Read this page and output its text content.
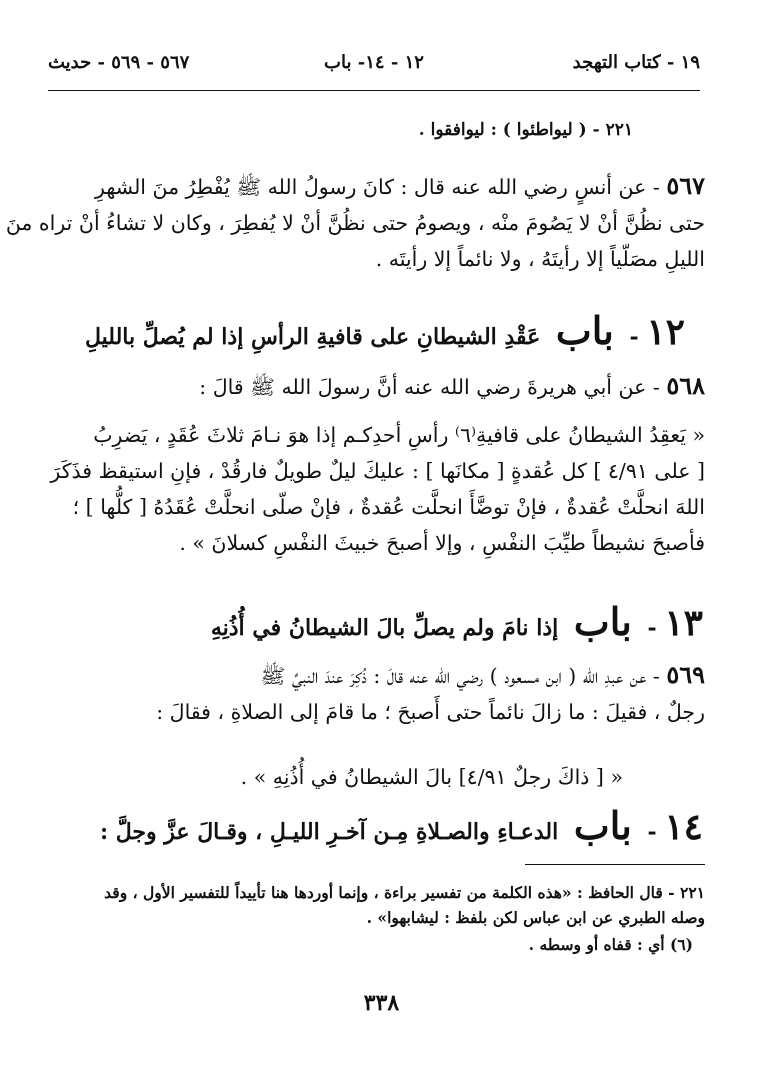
١٩ - كتاب التهجد
١٢ - ١٤- باب
٥٦٧ - ٥٦٩ - حديث
٢٢١ - ( ليواطئوا ) : ليوافقوا .
٥٦٧ - عن أنسٍ رضي الله عنه قال : كانَ رسولُ الله ﷺ يُفْطِرُ منَ الشهرِ
حتى نظُنَّ أنْ لا يَصُومَ منْه ، ويصومُ حتى نظُنَّ أنْ لا يُفطِرَ ، وكان لا تشاءُ أنْ تراه منَ
الليلِ مصَلّياً إلا رأيتَهُ ، ولا نائماً إلا رأيتَه .
١٢ - باب عَقْدِ الشيطانِ على قافيةِ الرأسِ إذا لم يُصلِّ بالليلِ
٥٦٨ - عن أبي هريرةَ رضي الله عنه أنَّ رسولَ الله ﷺ قالَ :
« يَعقِدُ الشيطانُ على قافيةِ⁽٦⁾ رأسِ أحدِكـم إذا هوَ نـامَ ثلاثَ عُقَدٍ ، يَضرِبُ
[ على ٤/٩١ ] كل عُقدةٍ [ مكانَها ] : عليكَ ليلٌ طويلٌ فارقُدْ ، فإنِ استيقظ فذَكَرَ
اللهَ انحلَّتْ عُقدةٌ ، فإنْ توضَّأَ انحلَّت عُقدةٌ ، فإنْ صلّى انحلَّتْ عُقَدُهُ [ كلُّها ] ؛
فأصبحَ نشيطاً طيِّبَ النفْسِ ، وإلا أصبحَ خبيثَ النفْسِ كسلانَ » .
١٣ - باب إذا نامَ ولم يصلِّ بالَ الشيطانُ في أُذُنِهِ
٥٦٩ - عن عبدِ الله ( ابن مسعود ) رضي الله عنه قالَ : ذُكِرَ عندَ النبيِّ ﷺ
رجلٌ ، فقيلَ : ما زالَ نائماً حتى أَصبحَ ؛ ما قامَ إلى الصلاةِ ، فقالَ :
« [ ذاكَ رجلٌ ٤/٩١] بالَ الشيطانُ في أُذُنِهِ » .
١٤ - باب الدعـاءِ والصـلاةِ مِـن آخـرِ الليـلِ ، وقـالَ عزَّ وجلَّ :
٢٢١ - قال الحافظ : «هذه الكلمة من تفسير براءة ، وإنما أوردها هنا تأييداً للتفسير الأول ، وقد
وصله الطبري عن ابن عباس لكن بلفظ : ليشابهوا» .
(٦) أي : قفاه أو وسطه .
٣٣٨
